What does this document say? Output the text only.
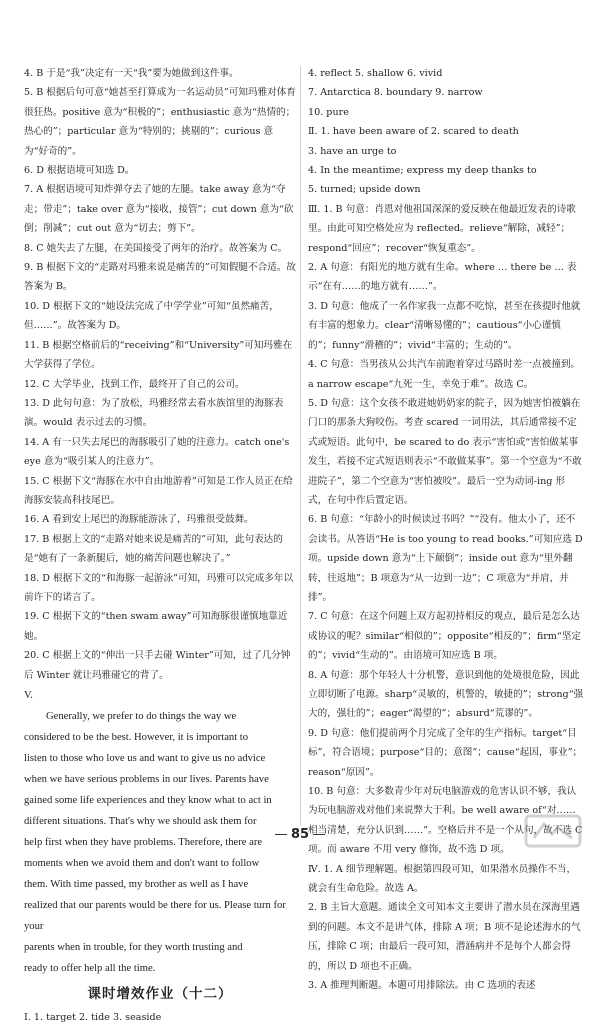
4. B 于是“我”决定有一天“我”要为她做到这件事。
5. B 根据后句可意“她甚至打算成为一名运动员”可知玛雅对体育很狂热。positive 意为“积极的”；enthusiastic 意为“热情的；热心的”；particular 意为“特别的；挑剔的”；curious 意为“好奇的”。
6. D 根据语境可知选 D。
7. A 根据语境可知炸弹夺去了她的左腿。take away 意为“夺走；带走”；take over 意为“接收，接管”；cut down 意为“砍倒；削减”；cut out 意为“切去；剪下”。
8. C 她失去了左腿，在美国接受了两年的治疗。故答案为 C。
9. B 根据下文的“走路对玛雅来说是痛苦的”可知假腿不合适。故答案为 B。
10. D 根据下文的“她设法完成了中学学业”可知“虽然痛苦，但……”。故答案为 D。
11. B 根据空格前后的“receiving”和“University”可知玛雅在大学获得了学位。
12. C 大学毕业，找到工作，最终开了自己的公司。
13. D 此句句意：为了放松，玛雅经常去看水族馆里的海豚表演。would 表示过去的习惯。
14. A 有一只失去尾巴的海豚吸引了她的注意力。catch one's eye 意为“吸引某人的注意力”。
15. C 根据下文“海豚在水中自由地游着”可知是工作人员正在给海豚安装高科技尾巴。
16. A 看到安上尾巴的海豚能游泳了，玛雅很受鼓舞。
17. B 根据上文的“走路对她来说是痛苦的”可知，此句表达的是“她有了一条新腿后，她的痛苦问题也解决了。”
18. D 根据下文的“和海豚一起游泳”可知，玛雅可以完成多年以前许下的诺言了。
19. C 根据下文的“then swam away”可知海豚很谨慎地靠近她。
20. C 根据上文的“伸出一只手去碰 Winter”可知，过了几分钟后 Winter 就让玛雅碰它的背了。
V.
Generally, we prefer to do things the way we
considered to be the best. However, it is important to
listen to those who love us and want to give us no advice
when we have serious problems in our lives. Parents have
gained some life experiences and they know what to act in
different situations. That's why we should ask them for
help first when they have problems. Therefore, there are
moments when we avoid them and don't want to follow
them. With time passed, my brother as well as I have
realized that our parents would be there for us. Please turn for your
parents when in trouble, for they worth trusting and
ready to offer help all the time.
课时增效作业（十二）
Ⅰ. 1. target 2. tide 3. seaside
4. reflect 5. shallow 6. vivid
7. Antarctica 8. boundary 9. narrow
10. pure
Ⅱ. 1. have been aware of 2. scared to death
3. have an urge to
4. In the meantime; express my deep thanks to
5. turned; upside down
Ⅲ. 1. B 句意：肖恩对他祖国深深的爱反映在他最近发表的诗歌里。由此可知空格处应为 reflected。relieve“解除，减轻”；respond“回应”；recover“恢复重态”。
2. A 句意：有阳光的地方就有生命。where … there be … 表示“在有……的地方就有……”。
3. D 句意：他成了一名作家我一点都不吃惊，甚至在孩提时他就有丰富的想象力。clear“清晰易懂的”；cautious“小心谨慎的”；funny“滑稽的”；vivid“丰富的；生动的”。
4. C 句意：当男孩从公共汽车前跑着穿过马路时差一点被撞到。a narrow escape“九死一生，幸免于难”。故选 C。
5. D 句意：这个女孩不敢进她奶奶家的院子，因为她害怕被躺在门口的那条大狗咬伤。考查 scared 一词用法，其后通常接不定式或短语。此句中，be scared to do 表示“害怕或“害怕做某事发生，若接不定式短语则表示“不敢做某事”。第一个空意为“不敢进院子”，第二个空意为“害怕被咬”。最后一空为动词-ing 形式，在句中作后置定语。
6. B 句意：“年龄小的时候读过书吗？”“没有。他太小了，还不会读书。从答语“He is too young to read books.”可知应选 D 项。upside down 意为“上下颠倒”；inside out 意为“里外翻转，往返地”；B 项意为“从一边到一边”；C 项意为“并肩，并排”。
7. C 句意：在这个问题上双方起初持相反的观点，最后是怎么达成协议的呢？similar“相似的”；opposite“相反的”；firm“坚定的”；vivid“生动的”。由语境可知应选 B 项。
8. A 句意：那个年轻人十分机警，意识到他的处境很危险，因此立即切断了电源。sharp“灵敏的，机警的，敏捷的”；strong“强大的，强壮的”；eager“渴望的”；absurd“荒谬的”。
9. D 句意：他们提前两个月完成了全年的生产指标。target“目标”，符合语境；purpose“目的；意图”；cause“起因，事业”；reason“原因”。
10. B 句意：大多数青少年对玩电脑游戏的危害认识不够，我认为玩电脑游戏对他们来说弊大于利。be well aware of“对……相当清楚，充分认识到……”。空格后并不是一个从句，故不选 C 项。而 aware 不用 very 修饰，故不选 D 项。
Ⅳ. 1. A 细节理解题。根据第四段可知，如果潜水员操作不当，就会有生命危险。故选 A。
2. B 主旨大意题。通读全文可知本文主要讲了潜水员在深海里遇到的问题。本文不是讲气体，排除 A 项；B 项不是论述海水的气压，排除 C 项；由最后一段可知，潜涵病并不是每个人都会得的，所以 D 项也不正确。
3. A 推理判断题。本题可用排除法。由 C 选项的表述
85
